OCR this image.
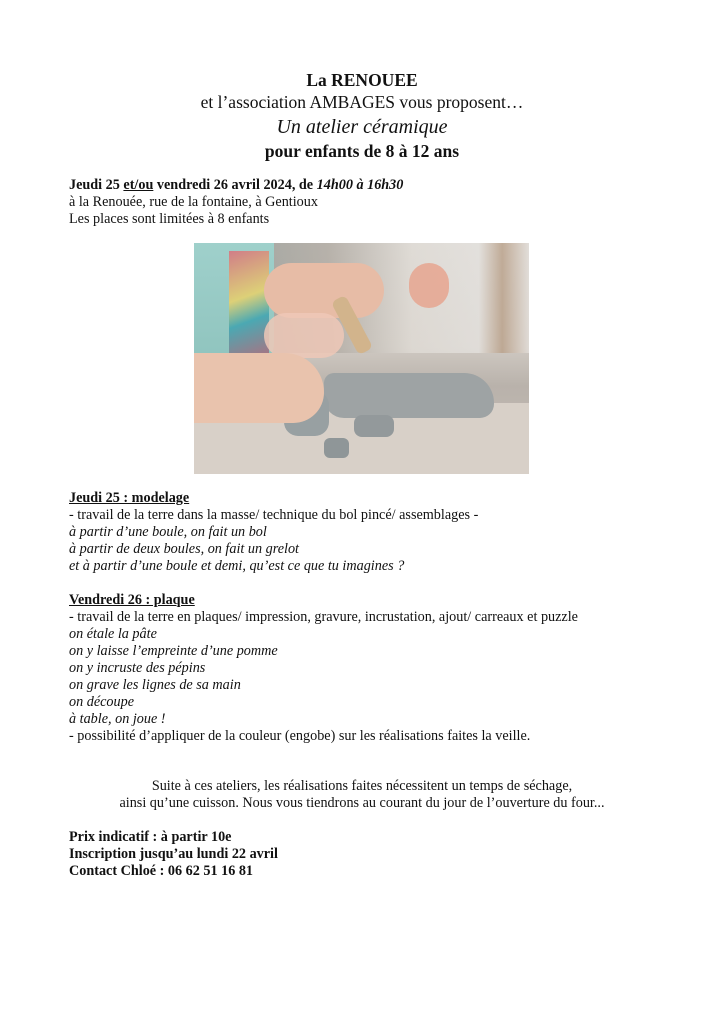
La RENOUEE
et l’association AMBAGES vous proposent…
Un atelier céramique
pour enfants de 8 à 12 ans
Jeudi 25 et/ou vendredi 26 avril 2024, de 14h00 à 16h30
à la Renouée, rue de la fontaine, à Gentioux
Les places sont limitées à 8 enfants
Jeudi 25 : modelage
- travail de la terre dans la masse/ technique du bol pincé/ assemblages -
à partir d’une boule, on fait un bol
à partir de deux boules, on fait un grelot
et à partir d’une boule et demi, qu’est ce que tu imagines ?
Vendredi 26 : plaque
- travail de la terre en plaques/ impression, gravure, incrustation, ajout/ carreaux et puzzle
on étale la pâte
on y laisse l’empreinte d’une pomme
on y incruste des pépins
on grave les lignes de sa main
on découpe
à table, on joue !
- possibilité d’appliquer de la couleur (engobe) sur les réalisations faites la veille.
Suite à ces ateliers, les réalisations faites nécessitent un temps de séchage,
ainsi qu’une cuisson. Nous vous tiendrons au courant du jour de l’ouverture du four...
Prix indicatif : à partir 10e
Inscription jusqu’au lundi 22 avril
Contact Chloé : 06 62 51 16 81
